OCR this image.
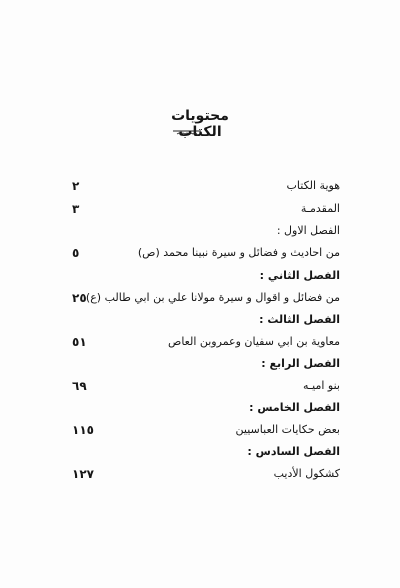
محتويات الكتاب
هوية الكتاب
٢
المقدمـة
٣
الفصل الاول :
من احاديث و فضائل و سيرة نبينا محمد (ص)
٥
الفصل الثاني :
من فضائل و اقوال و سيرة مولانا علي بن ابي طالب (ع)
٢٥
الفصل الثالث :
معاوية بن ابي سفيان وعمروبن العاص
٥١
الفصل الرابع :
بنو اميـه
٦٩
الفصل الخامس :
بعض حكايات العباسيين
١١٥
الفصل السادس :
كشكول الأديب
١٢٧
